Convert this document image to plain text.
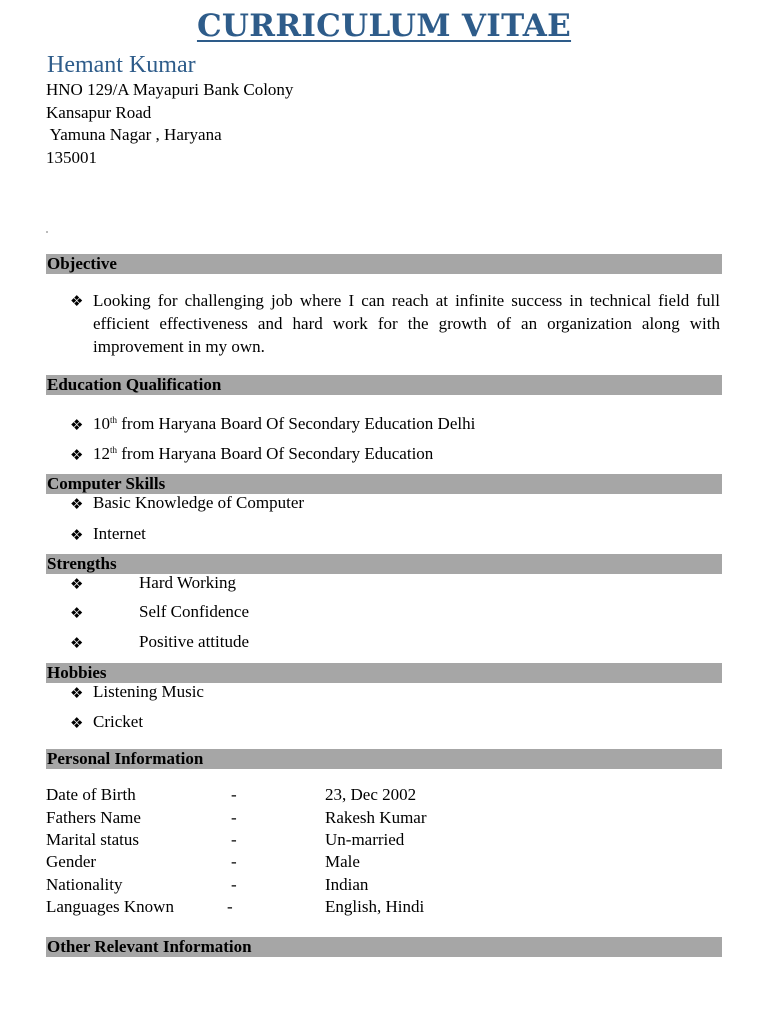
CURRICULUM VITAE
Hemant Kumar
HNO 129/A Mayapuri Bank Colony
Kansapur Road
Yamuna Nagar , Haryana
135001
Objective
❖ Looking for challenging job where I can reach at infinite success in technical field full efficient effectiveness and hard work for the growth of an organization along with improvement in my own.
Education Qualification
❖ 10th from Haryana Board Of Secondary Education Delhi
❖ 12th from Haryana Board Of Secondary Education
Computer Skills
❖ Basic Knowledge of Computer
❖ Internet
Strengths
❖	Hard Working
❖	Self Confidence
❖	Positive attitude
Hobbies
❖ Listening Music
❖ Cricket
Personal Information
Date of Birth	-	23, Dec 2002
Fathers Name	-	Rakesh Kumar
Marital status	-	Un-married
Gender	-	Male
Nationality	-	Indian
Languages Known	-	English, Hindi
Other Relevant Information
